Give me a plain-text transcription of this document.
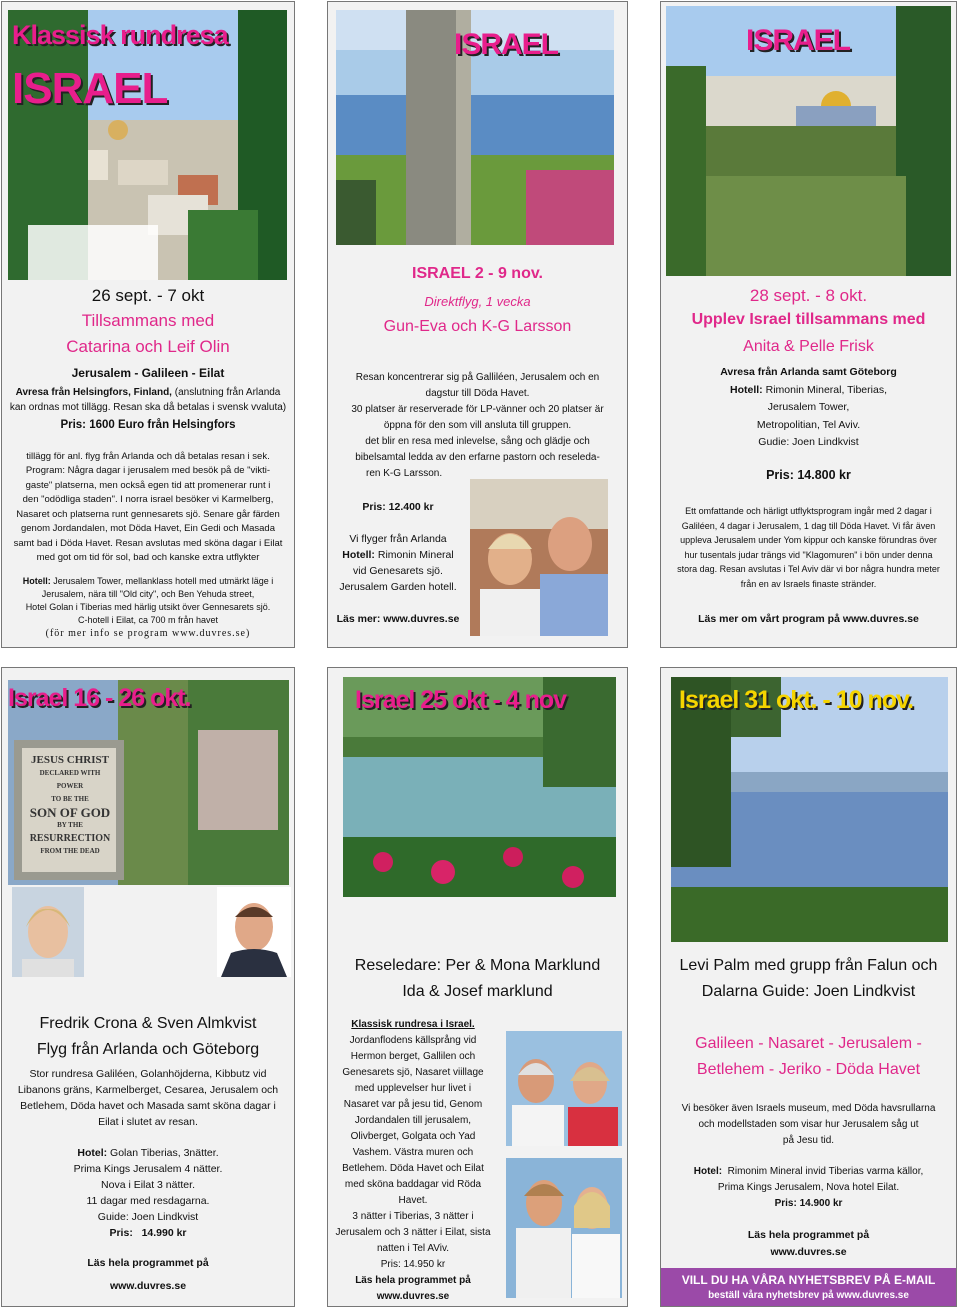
Klassisk rundresa
ISRAEL
26 sept. - 7 okt
Tillsammans med
Catarina och Leif Olin
Jerusalem - Galileen - Eilat
Avresa från Helsingfors, Finland, (anslutning från Arlanda
kan ordnas mot tillägg. Resan ska då betalas i svensk vvaluta)
Pris: 1600 Euro från Helsingfors
tillägg för anl. flyg från Arlanda och då betalas resan i sek.
Program: Några dagar i jerusalem med besök på de "vikti-
gaste" platserna, men också egen tid att promenerar runt i
den "odödliga staden". I norra israel besöker vi Karmelberg,
Nasaret och platserna runt gennesarets sjö. Senare går färden
genom Jordandalen, mot Döda Havet, Ein Gedi och Masada
samt bad i Döda Havet. Resan avslutas med sköna dagar i Eilat
med got om tid för sol, bad och kanske extra utflykter
Hotell: Jerusalem Tower, mellanklass hotell med utmärkt läge i
Jerusalem, nära till "Old city", och Ben Yehuda street,
Hotel Golan i Tiberias med härlig utsikt över Gennesarets sjö.
C-hotell i Eilat, ca 700 m från havet
(för mer info se program www.duvres.se)
ISRAEL
ISRAEL 2 - 9 nov.
Direktflyg, 1 vecka
Gun-Eva och K-G Larsson
Resan koncentrerar sig på Galliléen, Jerusalem och en
dagstur till Döda Havet.
30 platser är reserverade för LP-vänner och 20 platser är
öppna för den som vill ansluta till gruppen.
det blir en resa med inlevelse, sång och glädje och
bibelsamtal ledda av den erfarne pastorn och reseleda-
ren K-G Larsson.
Pris: 12.400 kr
Vi flyger från Arlanda
Hotell: Rimonin Mineral
vid Genesarets sjö.
Jerusalem Garden hotell.
Läs mer: www.duvres.se
ISRAEL
28 sept. - 8 okt.
Upplev Israel tillsammans med
Anita & Pelle Frisk
Avresa från Arlanda samt Göteborg
Hotell: Rimonin Mineral, Tiberias,
Jerusalem Tower,
Metropolitian, Tel Aviv.
Gudie: Joen Lindkvist
Pris: 14.800 kr
Ett omfattande och härligt utflyktsprogram ingår med 2 dagar i
Galiléen, 4 dagar i Jerusalem, 1 dag till Döda Havet. Vi får även
uppleva Jerusalem under Yom kippur och kanske förundras över
hur tusentals judar trängs vid "Klagomuren" i bön under denna
stora dag. Resan avslutas i Tel Aviv där vi bor några hundra meter
från en av Israels finaste stränder.
Läs mer om vårt program på www.duvres.se
Israel 16 - 26 okt.
JESUS CHRIST
DECLARED WITH POWER
TO BE THE
SON OF GOD
BY THE
RESURRECTION
FROM THE DEAD
Fredrik Crona & Sven Almkvist
Flyg från Arlanda och Göteborg
Stor rundresa Galiléen, Golanhöjderna, Kibbutz vid
Libanons gräns, Karmelberget, Cesarea, Jerusalem och
Betlehem, Döda havet och Masada samt sköna dagar i
Eilat i slutet av resan.
Hotel: Golan Tiberias, 3nätter.
Prima Kings Jerusalem 4 nätter.
Nova i Eilat 3 nätter.
11 dagar med resdagarna.
Guide: Joen Lindkvist
Pris:   14.990 kr
Läs hela programmet på
www.duvres.se
Israel 25 okt - 4 nov
Reseledare: Per & Mona Marklund
Ida & Josef marklund
Klassisk rundresa i Israel.
Jordanflodens källsprång vid
Hermon berget, Gallilen och
Genesarets sjö, Nasaret viillage
med upplevelser hur livet i
Nasaret var på jesu tid, Genom
Jordandalen till jerusalem,
Olivberget, Golgata och Yad
Vashem. Västra muren och
Betlehem. Döda Havet och Eilat
med sköna baddagar vid Röda
Havet.
3 nätter i Tiberias, 3 nätter i
Jerusalem och 3 nätter i Eilat, sista
natten i Tel AViv.
Pris: 14.950 kr
Läs hela programmet på
www.duvres.se
Israel 31 okt. - 10 nov.
Levi Palm med grupp från Falun och
Dalarna Guide: Joen Lindkvist
Galileen - Nasaret - Jerusalem -
Betlehem - Jeriko - Döda Havet
Vi besöker även Israels museum, med Döda havsrullarna
och modellstaden som visar hur Jerusalem såg ut
på Jesu tid.
Hotel:  Rimonim Mineral invid Tiberias varma källor,
Prima Kings Jerusalem, Nova hotel Eilat.
Pris: 14.900 kr
Läs hela programmet på
www.duvres.se
VILL DU HA VÅRA NYHETSBREV PÅ E-MAIL
beställ våra nyhetsbrev på www.duvres.se
